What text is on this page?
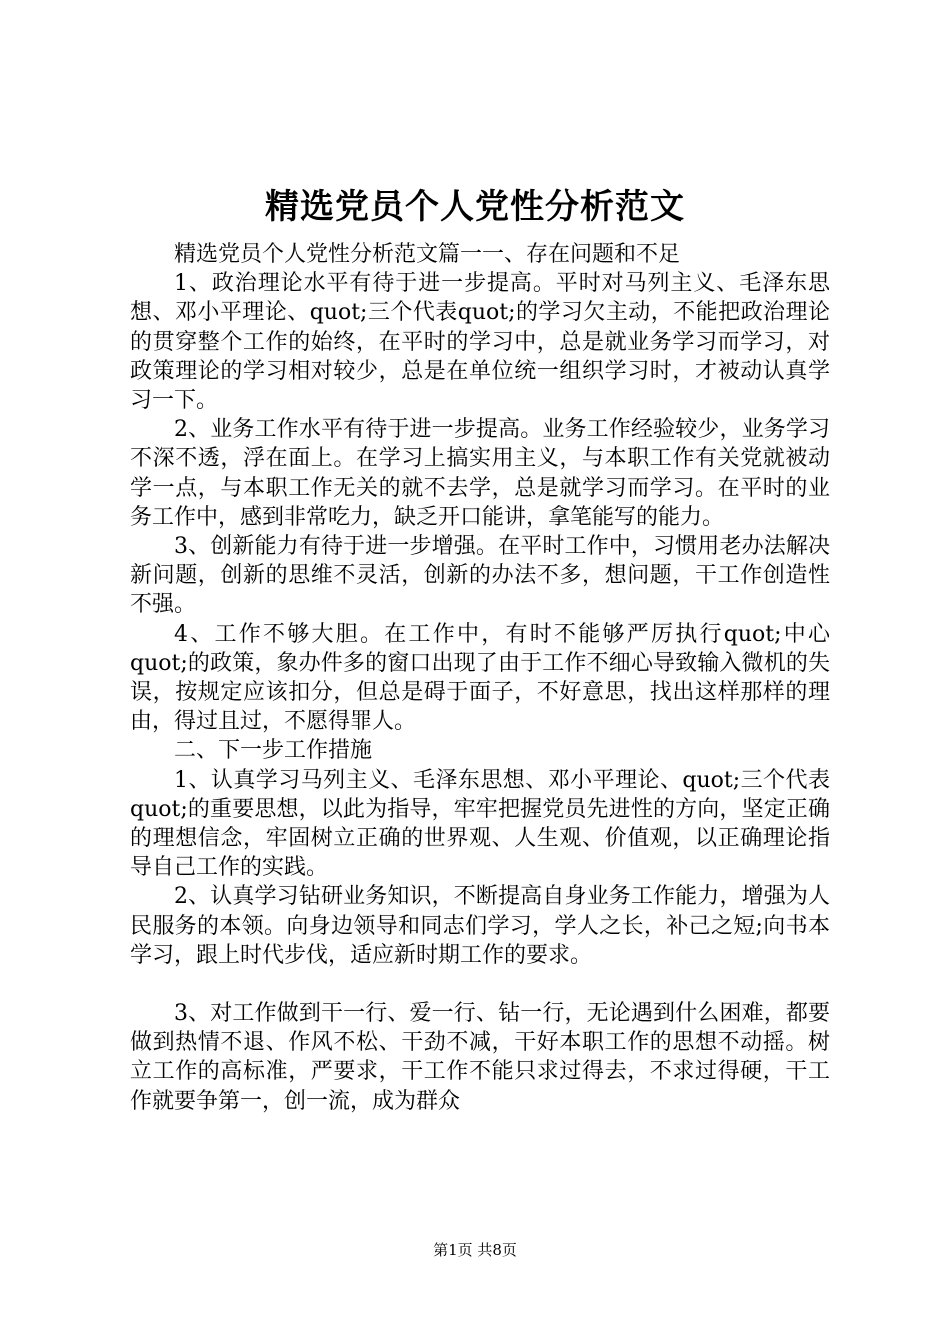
精选党员个人党性分析范文

精选党员个人党性分析范文篇一一、存在问题和不足

1、政治理论水平有待于进一步提高。平时对马列主义、毛泽东思想、邓小平理论、quot;三个代表quot;的学习欠主动，不能把政治理论的贯穿整个工作的始终，在平时的学习中，总是就业务学习而学习，对政策理论的学习相对较少，总是在单位统一组织学习时，才被动认真学习一下。

2、业务工作水平有待于进一步提高。业务工作经验较少，业务学习不深不透，浮在面上。在学习上搞实用主义，与本职工作有关党就被动学一点，与本职工作无关的就不去学，总是就学习而学习。在平时的业务工作中，感到非常吃力，缺乏开口能讲，拿笔能写的能力。

3、创新能力有待于进一步增强。在平时工作中，习惯用老办法解决新问题，创新的思维不灵活，创新的办法不多，想问题，干工作创造性不强。

4、工作不够大胆。在工作中，有时不能够严厉执行quot;中心quot;的政策，象办件多的窗口出现了由于工作不细心导致输入微机的失误，按规定应该扣分，但总是碍于面子，不好意思，找出这样那样的理由，得过且过，不愿得罪人。

二、下一步工作措施

1、认真学习马列主义、毛泽东思想、邓小平理论、quot;三个代表quot;的重要思想，以此为指导，牢牢把握党员先进性的方向，坚定正确的理想信念，牢固树立正确的世界观、人生观、价值观，以正确理论指导自己工作的实践。

2、认真学习钻研业务知识，不断提高自身业务工作能力，增强为人民服务的本领。向身边领导和同志们学习，学人之长，补己之短;向书本学习，跟上时代步伐，适应新时期工作的要求。

3、对工作做到干一行、爱一行、钻一行，无论遇到什么困难，都要做到热情不退、作风不松、干劲不减，干好本职工作的思想不动摇。树立工作的高标准，严要求，干工作不能只求过得去，不求过得硬，干工作就要争第一，创一流，成为群众

第1页 共8页
